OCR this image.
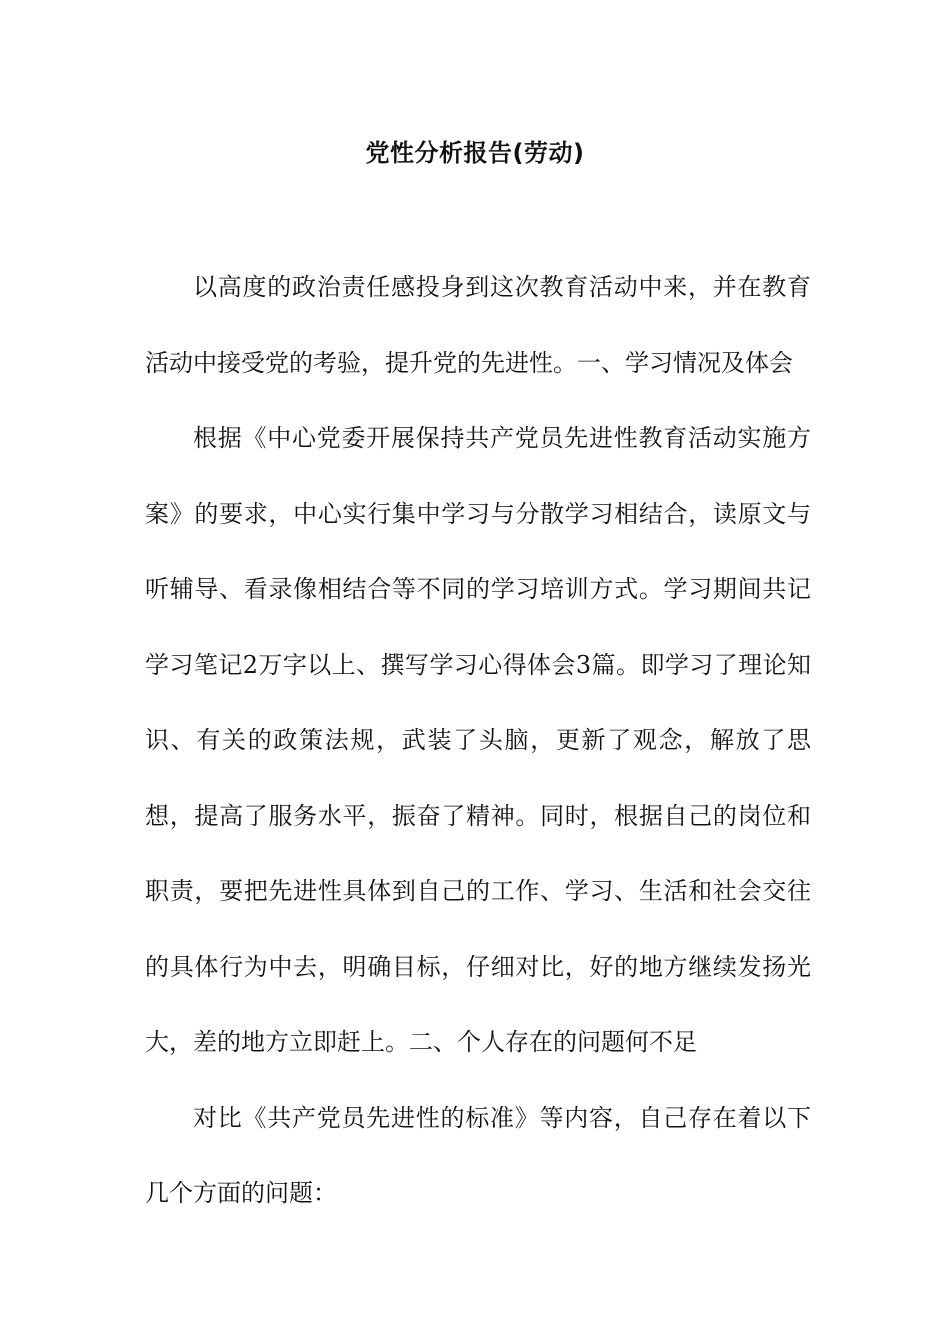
党性分析报告(劳动)

以高度的政治责任感投身到这次教育活动中来，并在教育活动中接受党的考验，提升党的先进性。一、学习情况及体会

根据《中心党委开展保持共产党员先进性教育活动实施方案》的要求，中心实行集中学习与分散学习相结合，读原文与听辅导、看录像相结合等不同的学习培训方式。学习期间共记学习笔记2万字以上、撰写学习心得体会3篇。即学习了理论知识、有关的政策法规，武装了头脑，更新了观念，解放了思想，提高了服务水平，振奋了精神。同时，根据自己的岗位和职责，要把先进性具体到自己的工作、学习、生活和社会交往的具体行为中去，明确目标，仔细对比，好的地方继续发扬光大，差的地方立即赶上。二、个人存在的问题何不足

对比《共产党员先进性的标准》等内容，自己存在着以下几个方面的问题：
